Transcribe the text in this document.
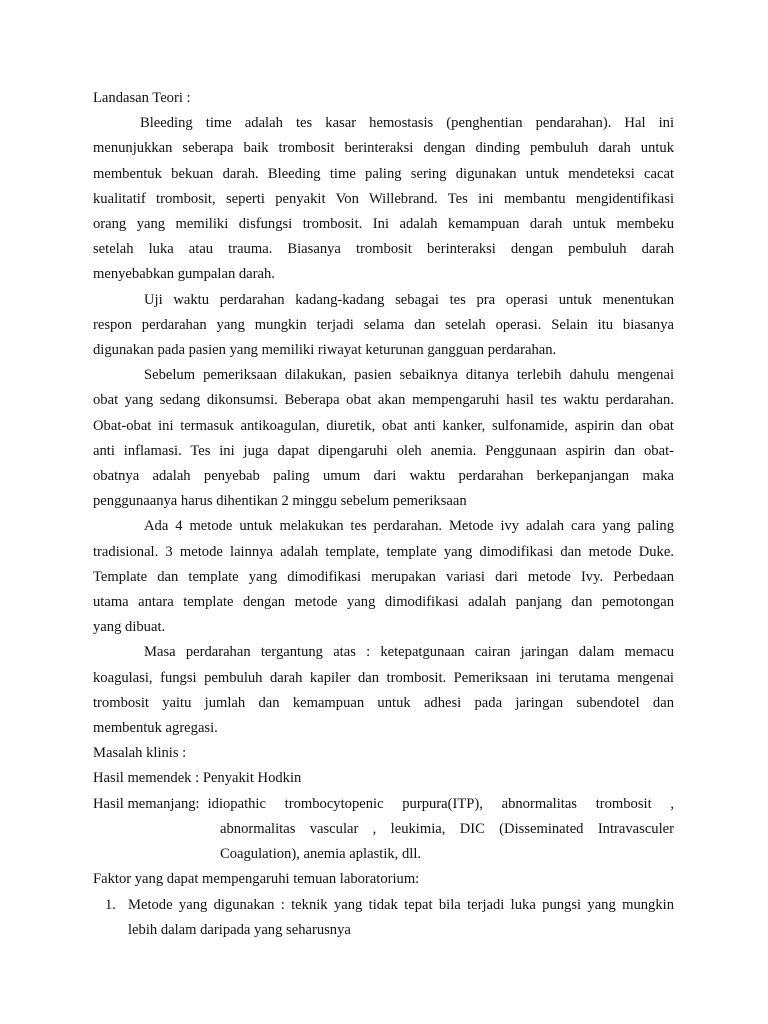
Landasan Teori :

Bleeding time adalah tes kasar hemostasis (penghentian pendarahan). Hal ini

menunjukkan seberapa baik trombosit berinteraksi dengan dinding pembuluh darah untuk

membentuk bekuan darah. Bleeding time paling sering digunakan untuk mendeteksi cacat

kualitatif trombosit, seperti penyakit Von Willebrand. Tes ini membantu mengidentifikasi

orang yang memiliki disfungsi trombosit. Ini adalah kemampuan darah untuk membeku

setelah luka atau trauma. Biasanya trombosit berinteraksi dengan pembuluh darah

menyebabkan gumpalan darah.

Uji waktu perdarahan kadang-kadang sebagai tes pra operasi untuk menentukan

respon perdarahan yang mungkin terjadi selama dan setelah operasi. Selain itu biasanya

digunakan pada pasien yang memiliki riwayat keturunan gangguan perdarahan.

Sebelum pemeriksaan dilakukan, pasien sebaiknya ditanya terlebih dahulu mengenai

obat yang sedang dikonsumsi. Beberapa obat akan mempengaruhi hasil tes waktu perdarahan.

Obat-obat ini termasuk antikoagulan, diuretik, obat anti kanker, sulfonamide, aspirin dan obat

anti inflamasi. Tes ini juga dapat dipengaruhi oleh anemia. Penggunaan aspirin dan obat-

obatnya adalah penyebab paling umum dari waktu perdarahan berkepanjangan maka

penggunaanya harus dihentikan 2 minggu sebelum pemeriksaan

Ada 4 metode untuk melakukan tes perdarahan. Metode ivy adalah cara yang paling

tradisional. 3 metode lainnya adalah template, template yang dimodifikasi dan metode Duke.

Template dan template yang dimodifikasi merupakan variasi dari metode Ivy. Perbedaan

utama antara template dengan metode yang dimodifikasi adalah panjang dan pemotongan

yang dibuat.

Masa perdarahan tergantung atas : ketepatgunaan cairan jaringan dalam memacu

koagulasi, fungsi pembuluh darah kapiler dan trombosit. Pemeriksaan ini terutama mengenai

trombosit yaitu jumlah dan kemampuan untuk adhesi pada jaringan subendotel dan

membentuk agregasi.

Masalah klinis :

Hasil memendek : Penyakit Hodkin

Hasil memanjang: idiopathic trombocytopenic purpura(ITP), abnormalitas trombosit ,

abnormalitas vascular , leukimia, DIC (Disseminated Intravasculer

Coagulation), anemia aplastik, dll.

Faktor yang dapat mempengaruhi temuan laboratorium:

1. Metode yang digunakan : teknik yang tidak tepat bila terjadi luka pungsi yang mungkin

lebih dalam daripada yang seharusnya
